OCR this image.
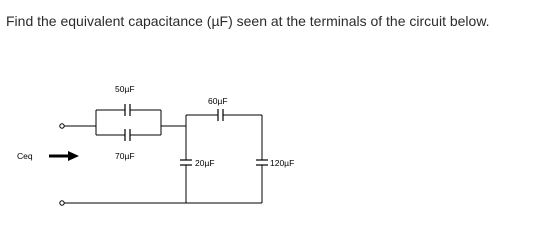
Find the equivalent capacitance (µF) seen at the terminals of the circuit below.

Ceq
50µF
70µF
60µF
20µF	120µF
